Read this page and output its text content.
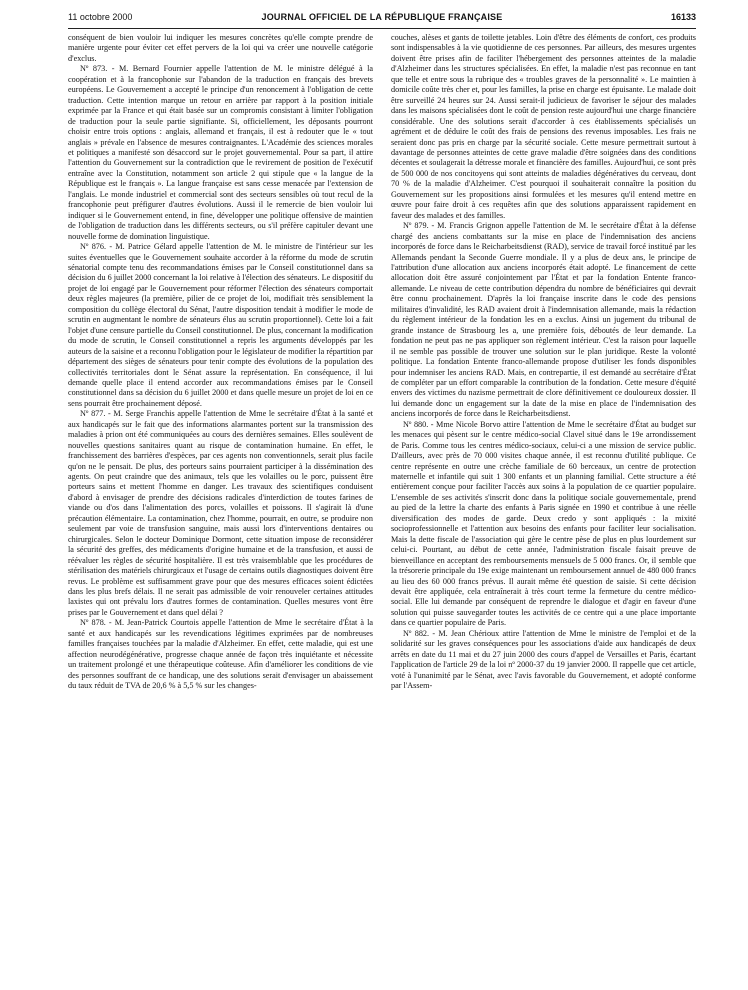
11 octobre 2000	JOURNAL OFFICIEL DE LA RÉPUBLIQUE FRANÇAISE	16133

conséquent de bien vouloir lui indiquer les mesures concrètes qu'elle compte prendre de manière urgente pour éviter cet effet pervers de la loi qui va créer une nouvelle catégorie d'exclus.

Nº 873. - M. Bernard Fournier appelle l'attention de M. le ministre délégué à la coopération et à la francophonie sur l'abandon de la traduction en français des brevets européens. Le Gouvernement a accepté le principe d'un renoncement à l'obligation de cette traduction. Cette intention marque un retour en arrière par rapport à la position initiale exprimée par la France et qui était basée sur un compromis consistant à limiter l'obligation de traduction pour la seule partie signifiante. Si, officiellement, les déposants pourront choisir entre trois options : anglais, allemand et français, il est à redouter que le « tout anglais » prévale en l'absence de mesures contraignantes. L'Académie des sciences morales et politiques a manifesté son désaccord sur le projet gouvernemental. Pour sa part, il attire l'attention du Gouvernement sur la contradiction que le revirement de position de l'exécutif entraîne avec la Constitution, notamment son article 2 qui stipule que « la langue de la République est le français ». La langue française est sans cesse menacée par l'extension de l'anglais. Le monde industriel et commercial sont des secteurs sensibles où tout recul de la francophonie peut préfigurer d'autres évolutions. Aussi il le remercie de bien vouloir lui indiquer si le Gouvernement entend, in fine, développer une politique offensive de maintien de l'obligation de traduction dans les différents secteurs, ou s'il préfère capituler devant une nouvelle forme de domination linguistique.

Nº 876. - M. Patrice Gélard appelle l'attention de M. le ministre de l'intérieur sur les suites éventuelles que le Gouvernement souhaite accorder à la réforme du mode de scrutin sénatorial compte tenu des recommandations émises par le Conseil constitutionnel dans sa décision du 6 juillet 2000 concernant la loi relative à l'élection des sénateurs. Le dispositif du projet de loi engagé par le Gouvernement pour réformer l'élection des sénateurs comportait deux règles majeures (la première, pilier de ce projet de loi, modifiait très sensiblement la composition du collège électoral du Sénat, l'autre disposition tendait à modifier le mode de scrutin en augmentant le nombre de sénateurs élus au scrutin proportionnel). Cette loi a fait l'objet d'une censure partielle du Conseil constitutionnel. De plus, concernant la modification du mode de scrutin, le Conseil constitutionnel a repris les arguments développés par les auteurs de la saisine et a reconnu l'obligation pour le législateur de modifier la répartition par département des sièges de sénateurs pour tenir compte des évolutions de la population des collectivités territoriales dont le Sénat assure la représentation. En conséquence, il lui demande quelle place il entend accorder aux recommandations émises par le Conseil constitutionnel dans sa décision du 6 juillet 2000 et dans quelle mesure un projet de loi en ce sens pourrait être prochainement déposé.

Nº 877. - M. Serge Franchis appelle l'attention de Mme le secrétaire d'État à la santé et aux handicapés sur le fait que des informations alarmantes portent sur la transmission des maladies à prion ont été communiquées au cours des dernières semaines. Elles soulèvent de nouvelles questions sanitaires quant au risque de contamination humaine. En effet, le franchissement des barrières d'espèces, par ces agents non conventionnels, serait plus facile qu'on ne le pensait. De plus, des porteurs sains pourraient participer à la dissémination des agents. On peut craindre que des animaux, tels que les volailles ou le porc, puissent être porteurs sains et mettent l'homme en danger. Les travaux des scientifiques conduisent d'abord à envisager de prendre des décisions radicales d'interdiction de toutes farines de viande ou d'os dans l'alimentation des porcs, volailles et poissons. Il s'agirait là d'une précaution élémentaire. La contamination, chez l'homme, pourrait, en outre, se produire non seulement par voie de transfusion sanguine, mais aussi lors d'interventions dentaires ou chirurgicales. Selon le docteur Dominique Dormont, cette situation impose de reconsidérer la sécurité des greffes, des médicaments d'origine humaine et de la transfusion, et aussi de réévaluer les règles de sécurité hospitalière. Il est très vraisemblable que les procédures de stérilisation des matériels chirurgicaux et l'usage de certains outils diagnostiques doivent être revus. Le problème est suffisamment grave pour que des mesures efficaces soient édictées dans les plus brefs délais. Il ne serait pas admissible de voir renouveler certaines attitudes laxistes qui ont prévalu lors d'autres formes de contamination. Quelles mesures vont être prises par le Gouvernement et dans quel délai ?

Nº 878. - M. Jean-Patrick Courtois appelle l'attention de Mme le secrétaire d'État à la santé et aux handicapés sur les revendications légitimes exprimées par de nombreuses familles françaises touchées par la maladie d'Alzheimer. En effet, cette maladie, qui est une affection neurodégénérative, progresse chaque année de façon très inquiétante et nécessite un traitement prolongé et une thérapeutique coûteuse. Afin d'améliorer les conditions de vie des personnes souffrant de ce handicap, une des solutions serait d'envisager un abaissement du taux réduit de TVA de 20,6 % à 5,5 % sur les changes-

couches, alèses et gants de toilette jetables. Loin d'être des éléments de confort, ces produits sont indispensables à la vie quotidienne de ces personnes. Par ailleurs, des mesures urgentes doivent être prises afin de faciliter l'hébergement des personnes atteintes de la maladie d'Alzheimer dans les structures spécialisées. En effet, la maladie n'est pas reconnue en tant que telle et entre sous la rubrique des « troubles graves de la personnalité ». Le maintien à domicile coûte très cher et, pour les familles, la prise en charge est épuisante. Le malade doit être surveillé 24 heures sur 24. Aussi serait-il judicieux de favoriser le séjour des malades dans les maisons spécialisées dont le coût de pension reste aujourd'hui une charge financière considérable. Une des solutions serait d'accorder à ces établissements spécialisés un agrément et de déduire le coût des frais de pensions des revenus imposables. Les frais ne seraient donc pas pris en charge par la sécurité sociale. Cette mesure permettrait surtout à davantage de personnes atteintes de cette grave maladie d'être soignées dans des conditions décentes et soulagerait la détresse morale et financière des familles. Aujourd'hui, ce sont près de 500 000 de nos concitoyens qui sont atteints de maladies dégénératives du cerveau, dont 70 % de la maladie d'Alzheimer. C'est pourquoi il souhaiterait connaître la position du Gouvernement sur les propositions ainsi formulées et les mesures qu'il entend mettre en œuvre pour faire droit à ces requêtes afin que des solutions apparaissent rapidement en faveur des malades et des familles.

Nº 879. - M. Francis Grignon appelle l'attention de M. le secrétaire d'État à la défense chargé des anciens combattants sur la mise en place de l'indemnisation des anciens incorporés de force dans le Reicharbeitsdienst (RAD), service de travail forcé institué par les Allemands pendant la Seconde Guerre mondiale. Il y a plus de deux ans, le principe de l'attribution d'une allocation aux anciens incorporés était adopté. Le financement de cette allocation doit être assuré conjointement par l'État et par la fondation Entente franco-allemande. Le niveau de cette contribution dépendra du nombre de bénéficiaires qui devrait être connu prochainement. D'après la loi française inscrite dans le code des pensions militaires d'invalidité, les RAD avaient droit à l'indemnisation allemande, mais la rédaction du règlement intérieur de la fondation les en a exclus. Ainsi un jugement du tribunal de grande instance de Strasbourg les a, une première fois, déboutés de leur demande. La fondation ne peut pas ne pas appliquer son règlement intérieur. C'est la raison pour laquelle il ne semble pas possible de trouver une solution sur le plan juridique. Reste la volonté politique. La fondation Entente franco-allemande propose d'utiliser les fonds disponibles pour indemniser les anciens RAD. Mais, en contrepartie, il est demandé au secrétaire d'État de compléter par un effort comparable la contribution de la fondation. Cette mesure d'équité envers des victimes du nazisme permettrait de clore définitivement ce douloureux dossier. Il lui demande donc un engagement sur la date de la mise en place de l'indemnisation des anciens incorporés de force dans le Reicharbeitsdienst.

Nº 880. - Mme Nicole Borvo attire l'attention de Mme le secrétaire d'État au budget sur les menaces qui pèsent sur le centre médico-social Clavel situé dans le 19e arrondissement de Paris. Comme tous les centres médico-sociaux, celui-ci a une mission de service public. D'ailleurs, avec près de 70 000 visites chaque année, il est reconnu d'utilité publique. Ce centre représente en outre une crèche familiale de 60 berceaux, un centre de protection maternelle et infantile qui suit 1 300 enfants et un planning familial. Cette structure a été entièrement conçue pour faciliter l'accès aux soins à la population de ce quartier populaire. L'ensemble de ses activités s'inscrit donc dans la politique sociale gouvernementale, prend au pied de la lettre la charte des enfants à Paris signée en 1990 et contribue à une réelle diversification des modes de garde. Deux credo y sont appliqués : la mixité socioprofessionnelle et l'attention aux besoins des enfants pour faciliter leur socialisation. Mais la dette fiscale de l'association qui gère le centre pèse de plus en plus lourdement sur celui-ci. Pourtant, au début de cette année, l'administration fiscale faisait preuve de bienveillance en acceptant des remboursements mensuels de 5 000 francs. Or, il semble que la trésorerie principale du 19e exige maintenant un remboursement annuel de 480 000 francs au lieu des 60 000 francs prévus. Il aurait même été question de saisie. Si cette décision devait être appliquée, cela entraînerait à très court terme la fermeture du centre médico-social. Elle lui demande par conséquent de reprendre le dialogue et d'agir en faveur d'une solution qui puisse sauvegarder toutes les activités de ce centre qui a une place importante dans ce quartier populaire de Paris.

Nº 882. - M. Jean Chérioux attire l'attention de Mme le ministre de l'emploi et de la solidarité sur les graves conséquences pour les associations d'aide aux handicapés de deux arrêts en date du 11 mai et du 27 juin 2000 des cours d'appel de Versailles et Paris, écartant l'application de l'article 29 de la loi nº 2000-37 du 19 janvier 2000. Il rappelle que cet article, voté à l'unanimité par le Sénat, avec l'avis favorable du Gouvernement, et adopté conforme par l'Assem-
